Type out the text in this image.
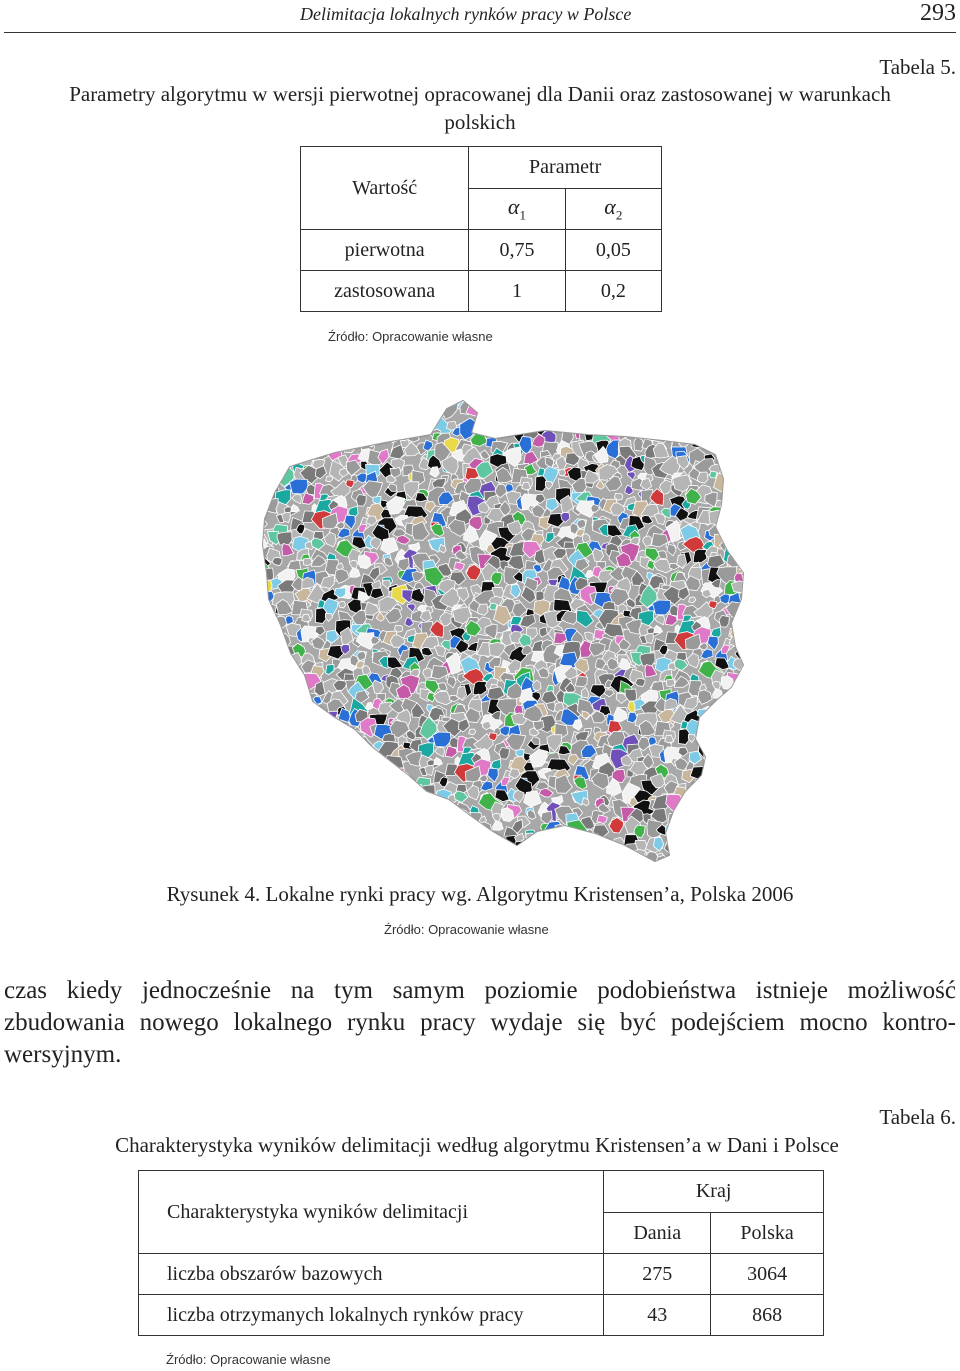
Delimitacja lokalnych rynków pracy w Polsce	293
Tabela 5.
Parametry algorytmu w wersji pierwotnej opracowanej dla Danii oraz zastosowanej w warunkach
polskich
Wartość	Parametr	
	$\alpha_1$	$\alpha_2$
pierwotna	0,75	0,05
zastosowana	1	0,2
Źródło: Opracowanie własne
Rysunek 4. Lokalne rynki pracy wg. Algorytmu Kristensen’a, Polska 2006
Źródło: Opracowanie własne
czas kiedy jednocześnie na tym samym poziomie podobieństwa istnieje możliwość
zbudowania nowego lokalnego rynku pracy wydaje się być podejściem mocno kontro-
wersyjnym.
Tabela 6.
Charakterystyka wyników delimitacji według algorytmu Kristensen’a w Dani i Polsce
Charakterystyka wyników delimitacji	Kraj	
	Dania	Polska
liczba obszarów bazowych	275	3064
liczba otrzymanych lokalnych rynków pracy	43	868
Źródło: Opracowanie własne
